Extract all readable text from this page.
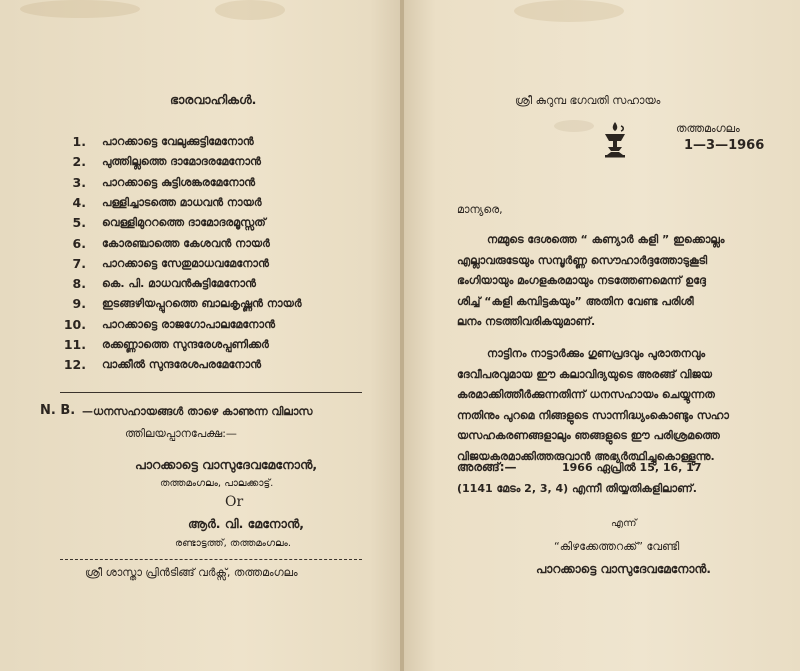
ഭാരവാഹികൾ.
1. പാറക്കാട്ടെ വേലുക്കുട്ടിമേനോൻ
2. പുത്തില്ലത്തെ ദാമോദരമേനോൻ
3. പാറക്കാട്ടെ കുട്ടിശങ്കരമേനോൻ
4. പള്ളിച്ചാടത്തെ മാധവൻ നായർ
5. വെള്ളിമുററത്തെ ദാമോദരമൂസ്സത്
6. കോരഞ്ചാത്തെ കേശവൻ നായർ
7. പാറക്കാട്ടെ സേതുമാധവമേനോൻ
8. കെ. പി. മാധവൻകുട്ടിമേനോൻ
9. ഇടങ്ങഴിയപ്പുറത്തെ ബാലകൃഷ്ണൻ നായർ
10. പാറക്കാട്ടെ രാജഗോപാലമേനോൻ
11. രക്കണ്ണാത്തെ സുന്ദരേശപ്പണിക്കർ
12. വാക്കീൽ സുന്ദരേശപരമേനോൻ
N. B. —ധനസഹായങ്ങൾ താഴെ കാണുന്ന വിലാസ
ത്തിലയപ്പാനപേക്ഷ:—
പാറക്കാട്ടെ വാസുദേവമേനോൻ,
തത്തമംഗലം, പാലക്കാട്ട്.
Or
ആർ. വി. മേനോൻ,
രണ്ടാട്ടത്ത്, തത്തമംഗലം.
ശ്രീ ശാസ്താ പ്രിൻടിങ്ങ് വർക്സ്, തത്തമംഗലം
ശ്രീ കുറുമ്പ ഭഗവതി സഹായം
തത്തമംഗലം
1—3—1966
മാന്യരെ,
നമ്മുടെ ദേശത്തെ “ കണ്യാർ കളി ” ഇക്കൊല്ലം
എല്ലാവരുടേയും സമ്പൂർണ്ണ സൌഹാർദ്ദത്തോടുകൂടി
ഭംഗിയായും മംഗളകരമായും നടത്തേണമെന്ന് ഉദ്ദേ
ശിച്ച് “കളി കമ്പിട്ടകയും” അതിന വേണ്ട പരിശീ
ലനം നടത്തിവരികയുമാണ്.
നാട്ടിനം നാട്ടാർക്കും ഗുണപ്രദവും പുരാതനവും
ദേവീപരവുമായ ഈ കലാവിദ്യയുടെ അരങ്ങ് വിജയ
കരമാക്കിത്തീർക്കുന്നതിന്ന് ധനസഹായം ചെയ്യുന്നത
ന്നതിനും പുറമെ നിങ്ങളുടെ സാന്നിദ്ധ്യംകൊണ്ടും സഹാ
യസഹകരണങ്ങളാലും ഞങ്ങളുടെ ഈ പരിശ്രമത്തെ
വിജയകരമാക്കിത്തരുവാൻ അഭ്യർത്ഥിച്ചുകൊള്ളുന്നു.
അരങ്ങ്:—	1966 ഏപ്രിൽ 15, 16, 17
(1141 മേടം 2, 3, 4) എന്നീ തിയ്യതികളിലാണ്.
എന്ന്
“കിഴക്കേത്തറക്ക്” വേണ്ടി
പാറക്കാട്ടെ വാസുദേവമേനോൻ.
